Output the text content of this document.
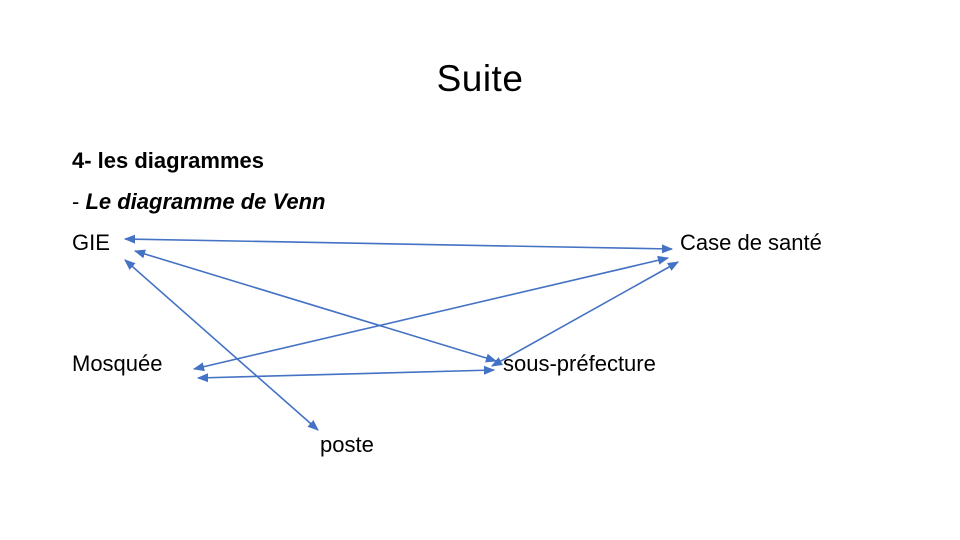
Suite
4- les diagrammes
- Le diagramme de Venn
GIE	Case de santé
Mosquée	sous-préfecture
poste
